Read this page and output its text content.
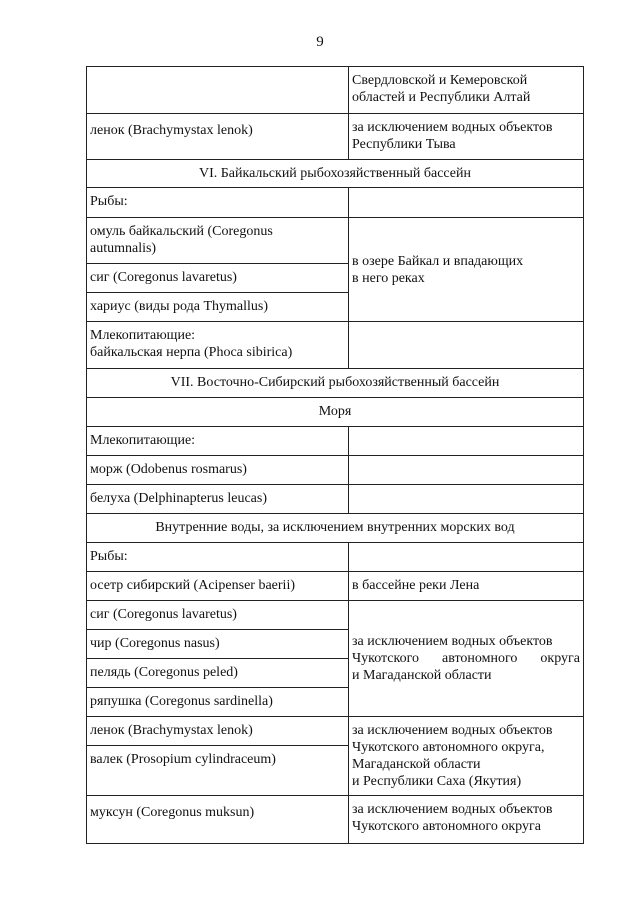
9

	Свердловской и Кемеровской
областей и Республики Алтай

ленок (Brachymystax lenok)	за исключением водных объектов
Республики Тыва

VI. Байкальский рыбохозяйственный бассейн	
Рыбы:	

омуль байкальский (Coregonus
autumnalis)	в озере Байкал и впадающих
в него реках

сиг (Coregonus lavaretus)	
хариус (виды рода Thymallus)	

Млекопитающие:
байкальская нерпа (Phoca sibirica)	

VII. Восточно-Сибирский рыбохозяйственный бассейн	
Моря	
Млекопитающие:	
морж (Odobenus rosmarus)	
белуха (Delphinapterus leucas)	
Внутренние воды, за исключением внутренних морских вод	
Рыбы:	
осетр сибирский (Acipenser baerii)	в бассейне реки Лена
сиг (Coregonus lavaretus)	за исключением водных объектов
Чукотского автономного округа
и Магаданской области

чир (Coregonus nasus)	
пелядь (Coregonus peled)	
ряпушка (Coregonus sardinella)	
ленок (Brachymystax lenok)	за исключением водных объектов
Чукотского автономного округа,
Магаданской области
и Республики Саха (Якутия)

валек (Prosopium cylindraceum)	
муксун (Coregonus muksun)	за исключением водных объектов
Чукотского автономного округа
